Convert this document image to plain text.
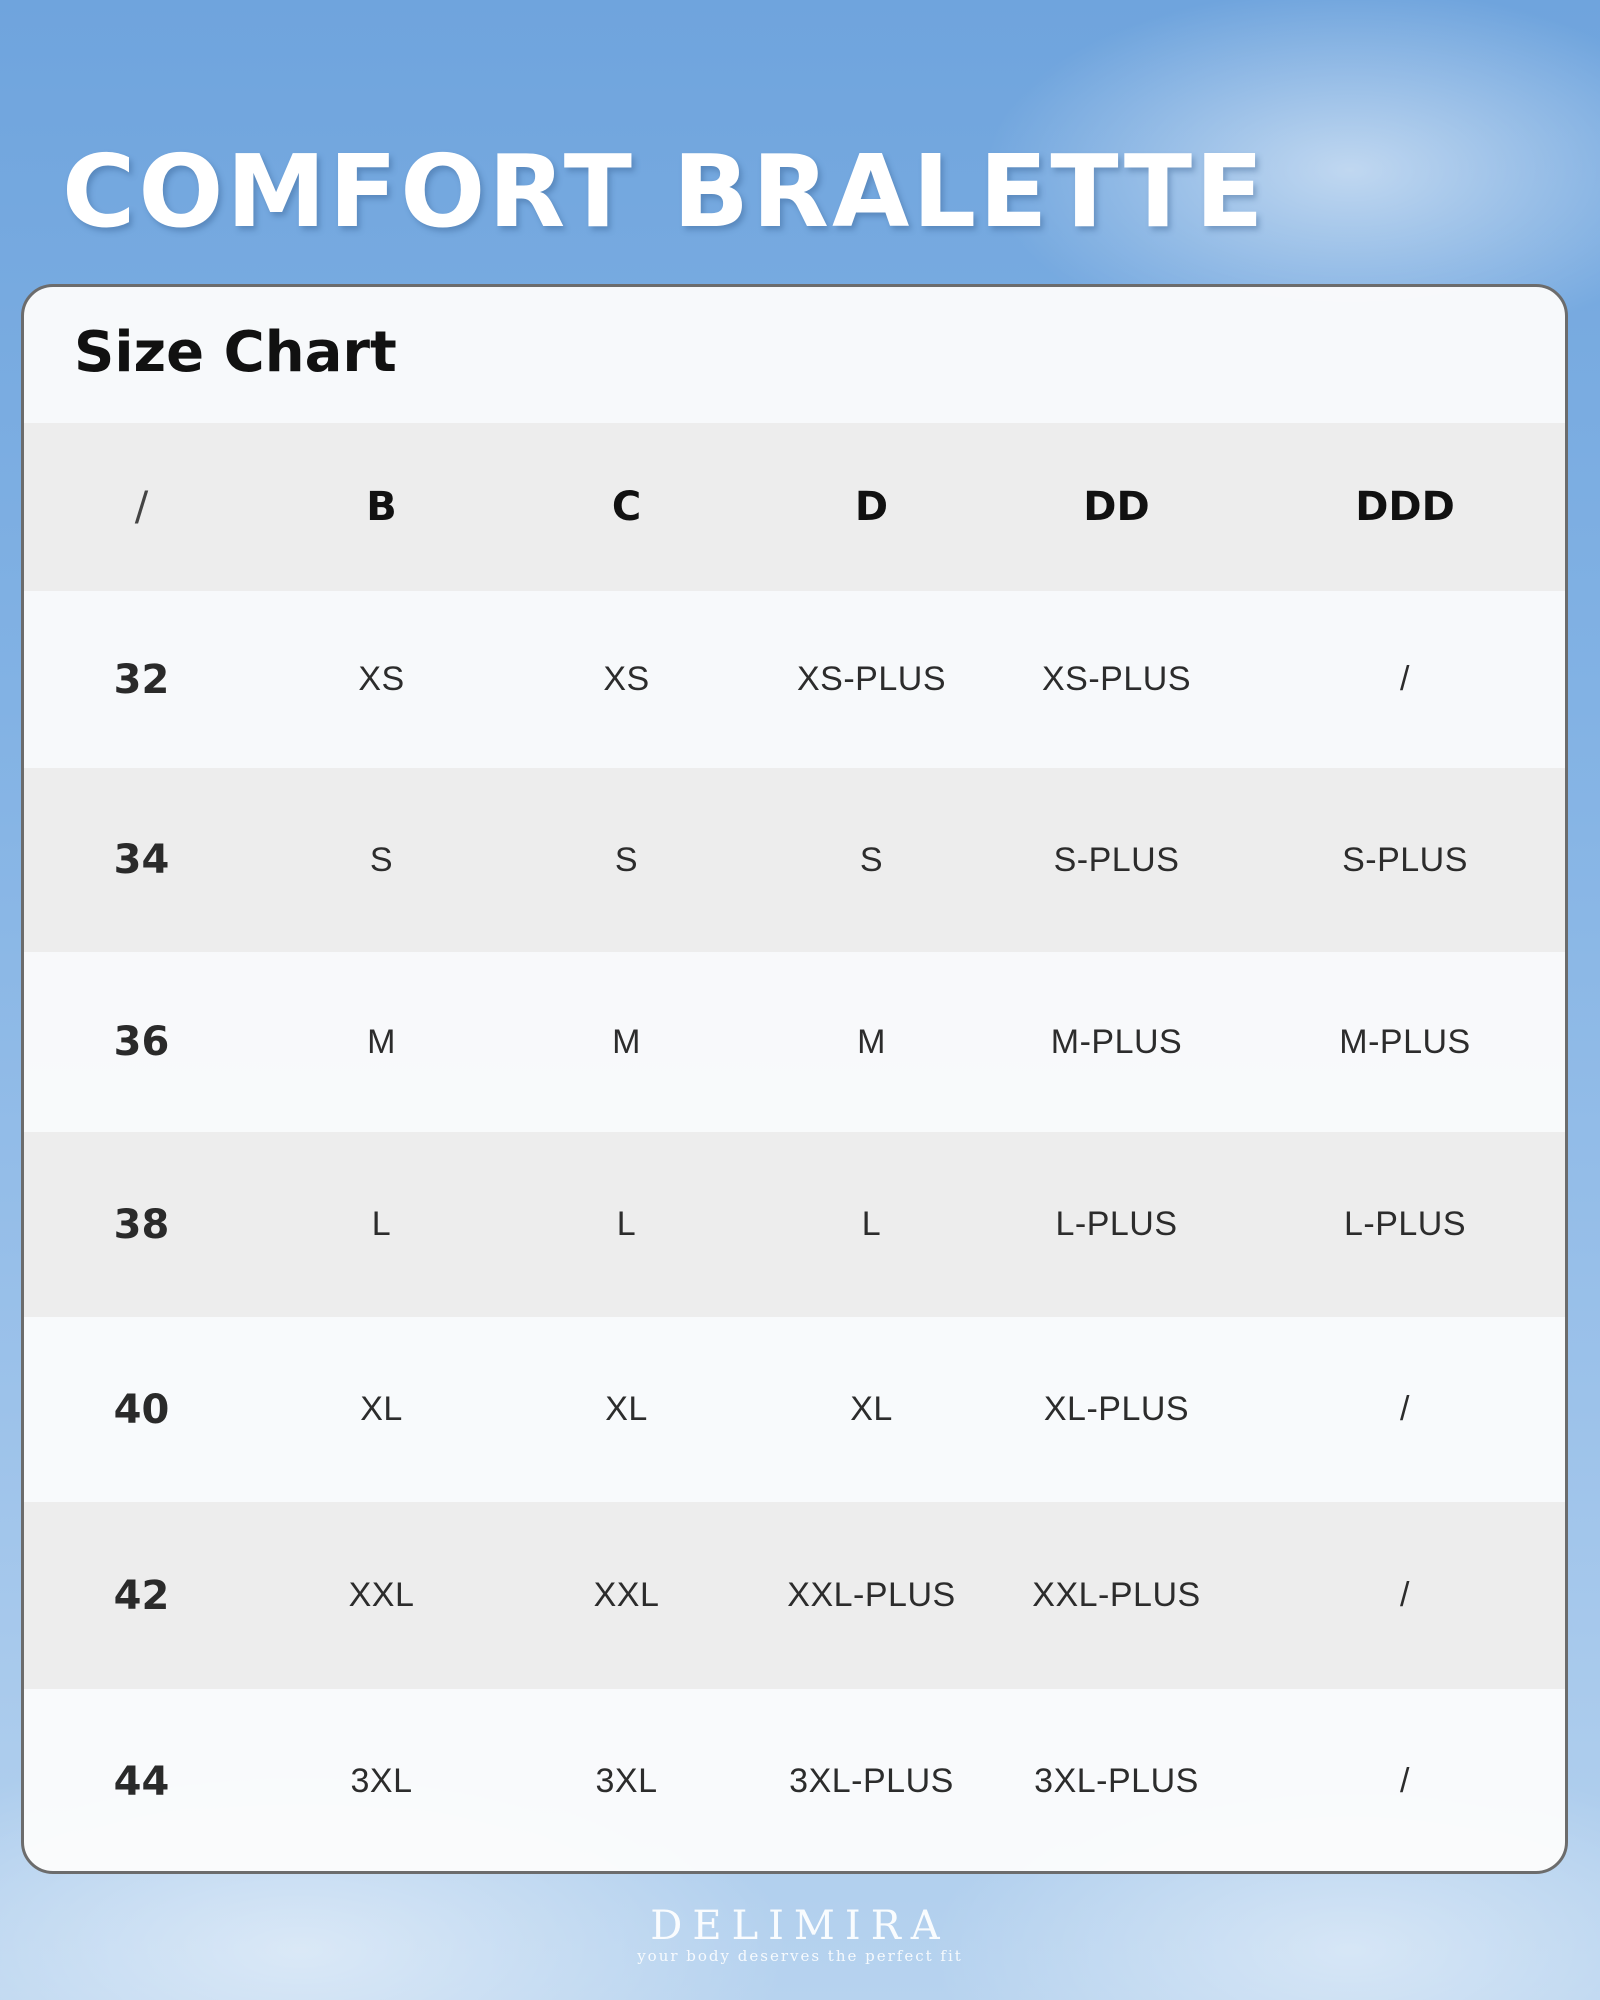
COMFORT BRALETTE
Size Chart
/	B	C	D	DD	DDD
32	XS	XS	XS-PLUS	XS-PLUS	/
34	S	S	S	S-PLUS	S-PLUS
36	M	M	M	M-PLUS	M-PLUS
38	L	L	L	L-PLUS	L-PLUS
40	XL	XL	XL	XL-PLUS	/
42	XXL	XXL	XXL-PLUS	XXL-PLUS	/
44	3XL	3XL	3XL-PLUS	3XL-PLUS	/
DELIMIRA
your body deserves the perfect fit
